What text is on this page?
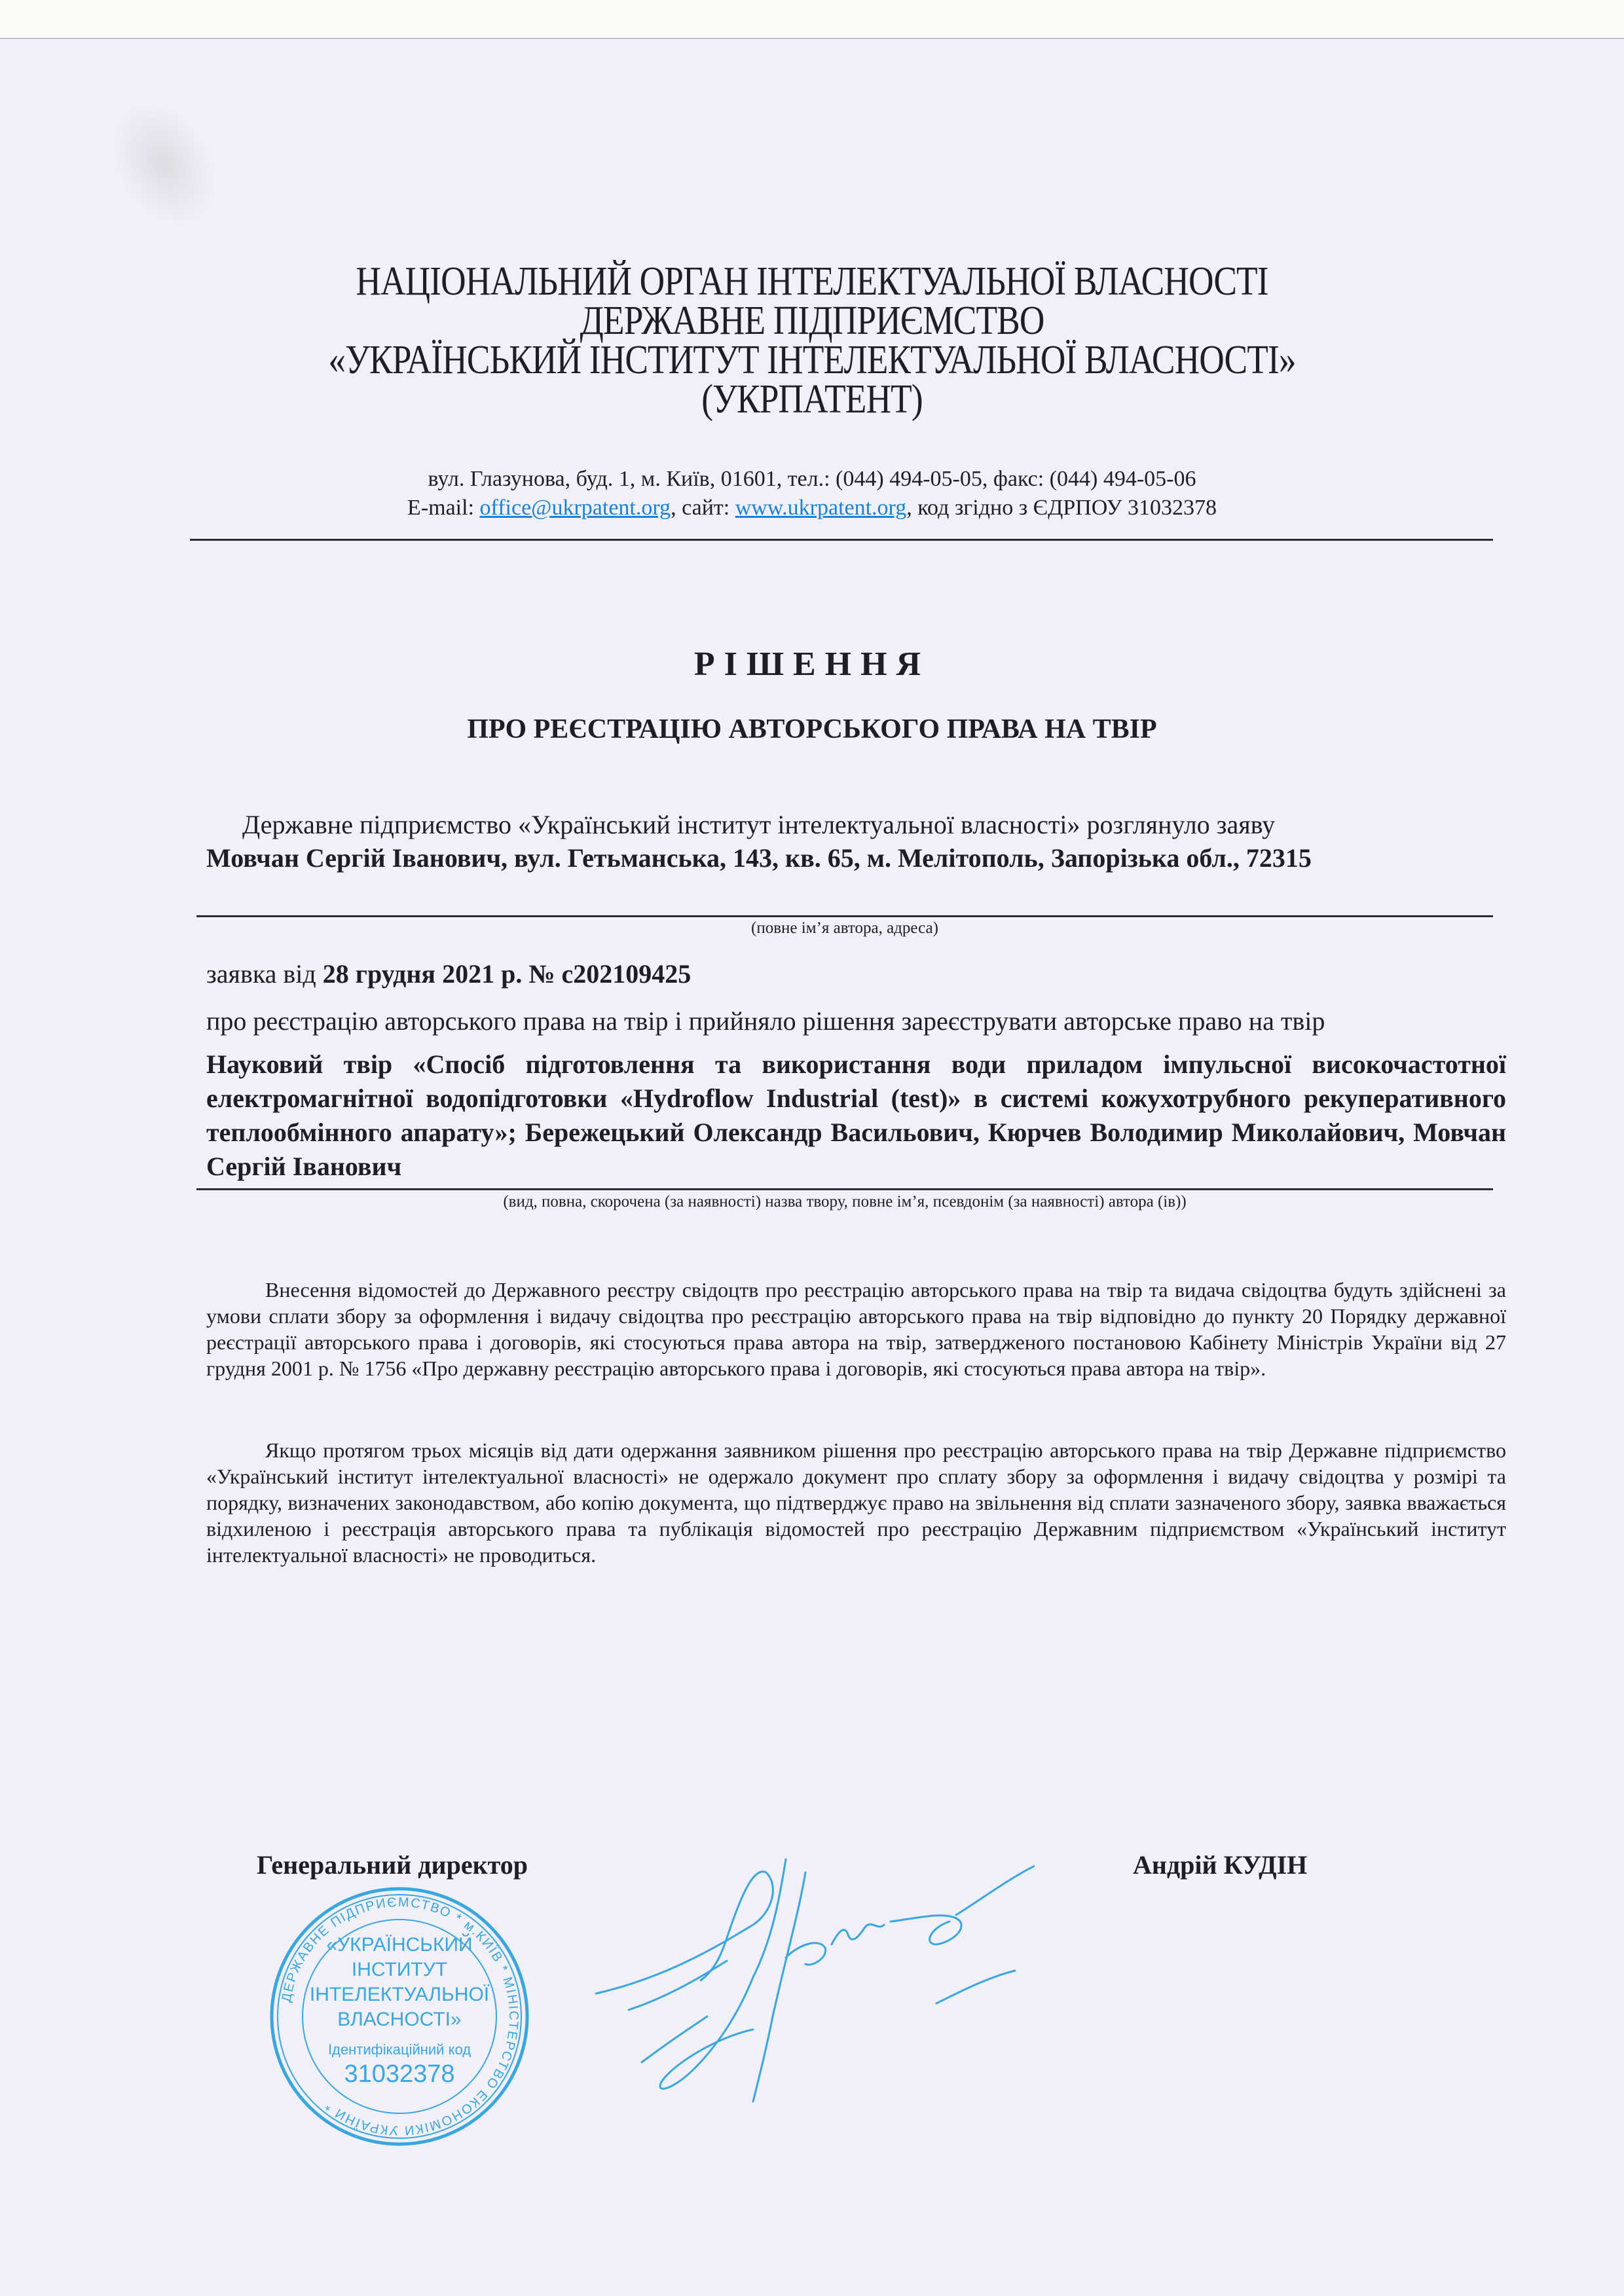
НАЦІОНАЛЬНИЙ ОРГАН ІНТЕЛЕКТУАЛЬНОЇ ВЛАСНОСТІ
ДЕРЖАВНЕ ПІДПРИЄМСТВО
«УКРАЇНСЬКИЙ ІНСТИТУТ ІНТЕЛЕКТУАЛЬНОЇ ВЛАСНОСТІ»
(УКРПАТЕНТ)
вул. Глазунова, буд. 1, м. Київ, 01601, тел.: (044) 494-05-05, факс: (044) 494-05-06
E-mail: office@ukrpatent.org, сайт: www.ukrpatent.org, код згідно з ЄДРПОУ 31032378
РІШЕННЯ
ПРО РЕЄСТРАЦІЮ АВТОРСЬКОГО ПРАВА НА ТВІР
Державне підприємство «Український інститут інтелектуальної власності» розглянуло заяву
Мовчан Сергій Іванович, вул. Гетьманська, 143, кв. 65, м. Мелітополь, Запорізька обл., 72315
(повне ім’я автора, адреса)
заявка від 28 грудня 2021 р. № с202109425
про реєстрацію авторського права на твір і прийняло рішення зареєструвати авторське право на твір
Науковий твір «Спосіб підготовлення та використання води приладом імпульсної високочастотної електромагнітної водопідготовки «Hydroflow Industrial (test)» в системі кожухотрубного рекуперативного теплообмінного апарату»; Бережецький Олександр Васильович, Кюрчев Володимир Миколайович, Мовчан Сергій Іванович
(вид, повна, скорочена (за наявності) назва твору, повне ім’я, псевдонім (за наявності) автора (ів))
Внесення відомостей до Державного реєстру свідоцтв про реєстрацію авторського права на твір та видача свідоцтва будуть здійснені за умови сплати збору за оформлення і видачу свідоцтва про реєстрацію авторського права на твір відповідно до пункту 20 Порядку державної реєстрації авторського права і договорів, які стосуються права автора на твір, затвердженого постановою Кабінету Міністрів України від 27 грудня 2001 р. № 1756 «Про державну реєстрацію авторського права і договорів, які стосуються права автора на твір».
Якщо протягом трьох місяців від дати одержання заявником рішення про реєстрацію авторського права на твір Державне підприємство «Український інститут інтелектуальної власності» не одержало документ про сплату збору за оформлення і видачу свідоцтва у розмірі та порядку, визначених законодавством, або копію документа, що підтверджує право на звільнення від сплати зазначеного збору, заявка вважається відхиленою і реєстрація авторського права та публікація відомостей про реєстрацію Державним підприємством «Український інститут інтелектуальної власності» не проводиться.
Генеральний директор	Андрій КУДІН
ДЕРЖАВНЕ ПІДПРИЄМСТВО * м.КИЇВ * МІНІСТЕРСТВО ЕКОНОМІКИ УКРАЇНИ *
«УКРАЇНСЬКИЙ
ІНСТИТУТ
ІНТЕЛЕКТУАЛЬНОЇ
ВЛАСНОСТІ»
Ідентифікаційний код
31032378
